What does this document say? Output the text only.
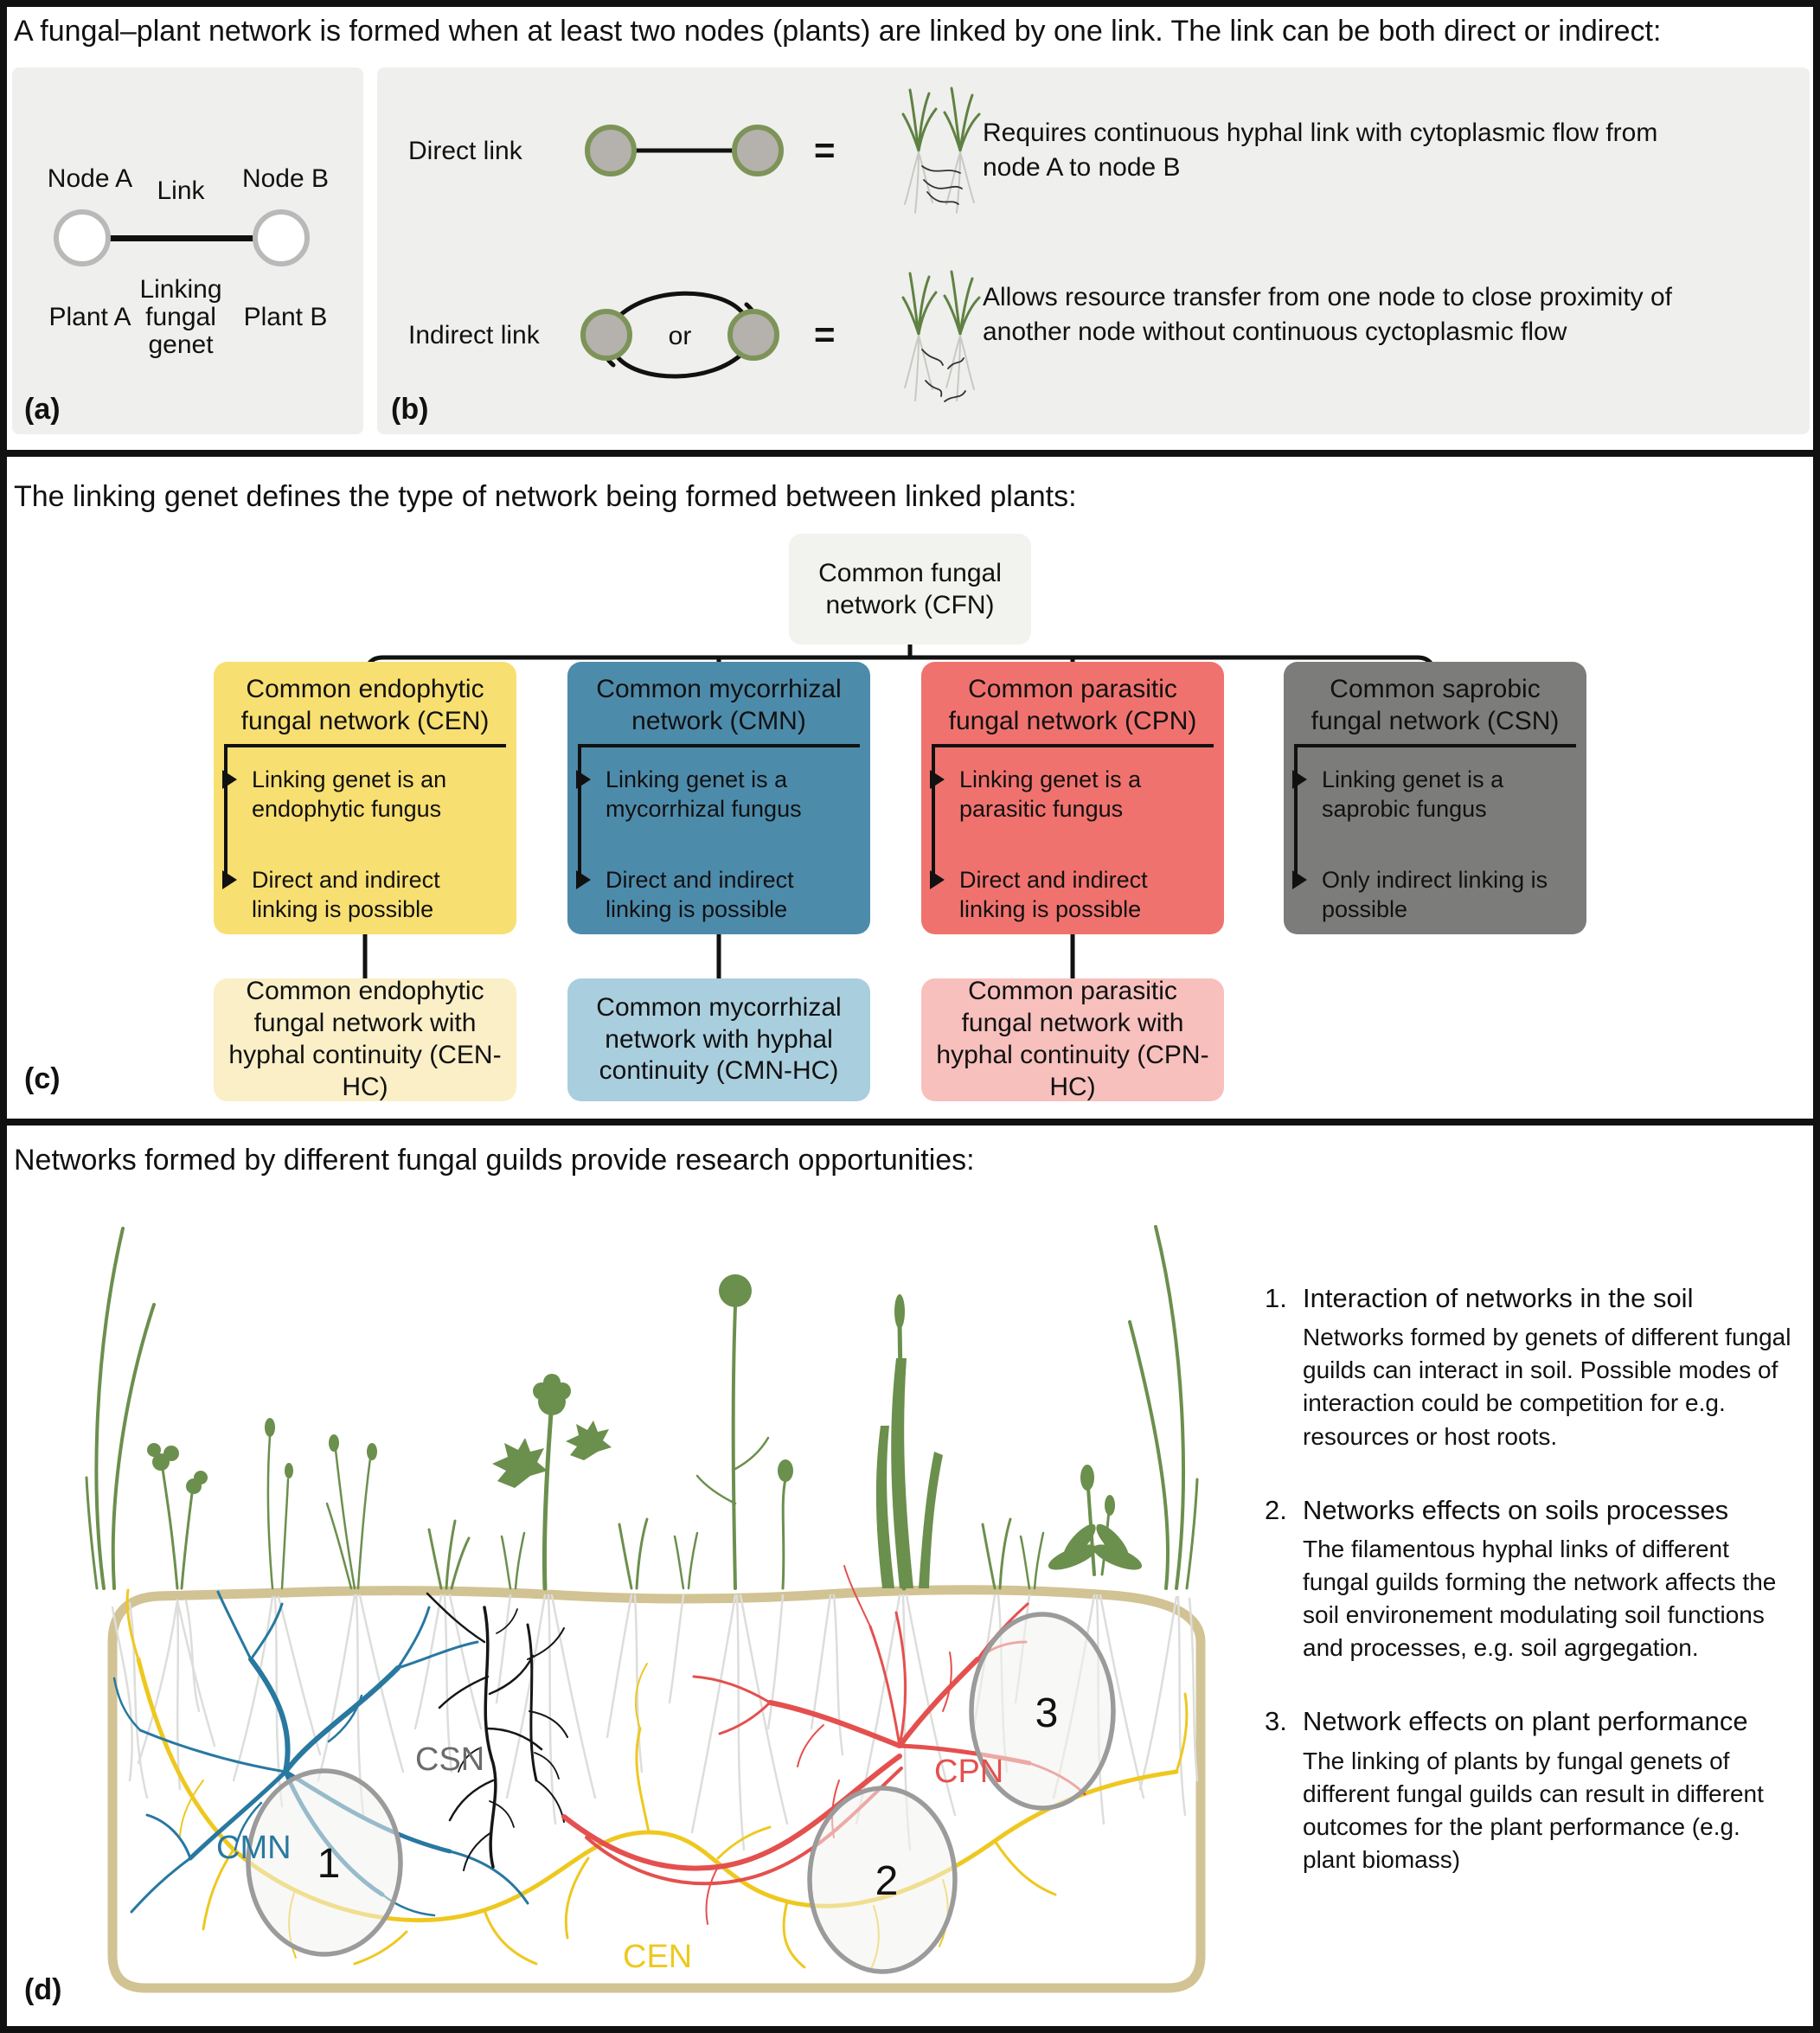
A fungal–plant network is formed when at least two nodes (plants) are linked by one link. The link can be both direct or indirect:
Node A Link	Node B
Linking
Plant A fungal	Plant B
genet
(a)
Direct link	=	Requires continuous hyphal link with cytoplasmic flow from node A to node B
Indirect link	or	=
Allows resource transfer from one node to close proximity of another node without continuous cyctoplasmic flow
(b)
The linking genet defines the type of network being formed between linked plants:
Common fungal network (CFN)
Common endophytic fungal network (CEN)
Linking genet is an endophytic fungus
Direct and indirect linking is possible
Common mycorrhizal network (CMN)
Linking genet is a mycorrhizal fungus
Direct and indirect linking is possible
Common parasitic fungal network (CPN)
Linking genet is a parasitic fungus
Direct and indirect linking is possible
Common saprobic fungal network (CSN)
Linking genet is a saprobic fungus
Only indirect linking is possible
Common endophytic fungal network with hyphal continuity (CEN-HC)
Common mycorrhizal network with hyphal continuity (CMN-HC)
Common parasitic fungal network with hyphal continuity (CPN-HC)
(c)
Networks formed by different fungal guilds provide research opportunities:
1	2
3
CMN
CSN	CPN
CEN
1. Interaction of networks in the soil
Networks formed by genets of different fungal guilds can interact in soil. Possible modes of interaction could be competition for e.g. resources or host roots.
2. Networks effects on soils processes
The filamentous hyphal links of different fungal guilds forming the network affects the soil environement modulating soil functions and processes, e.g. soil agrgegation.
3. Network effects on plant performance
The linking of plants by fungal genets of different fungal guilds can result in different outcomes for the plant performance (e.g. plant biomass)
(d)
